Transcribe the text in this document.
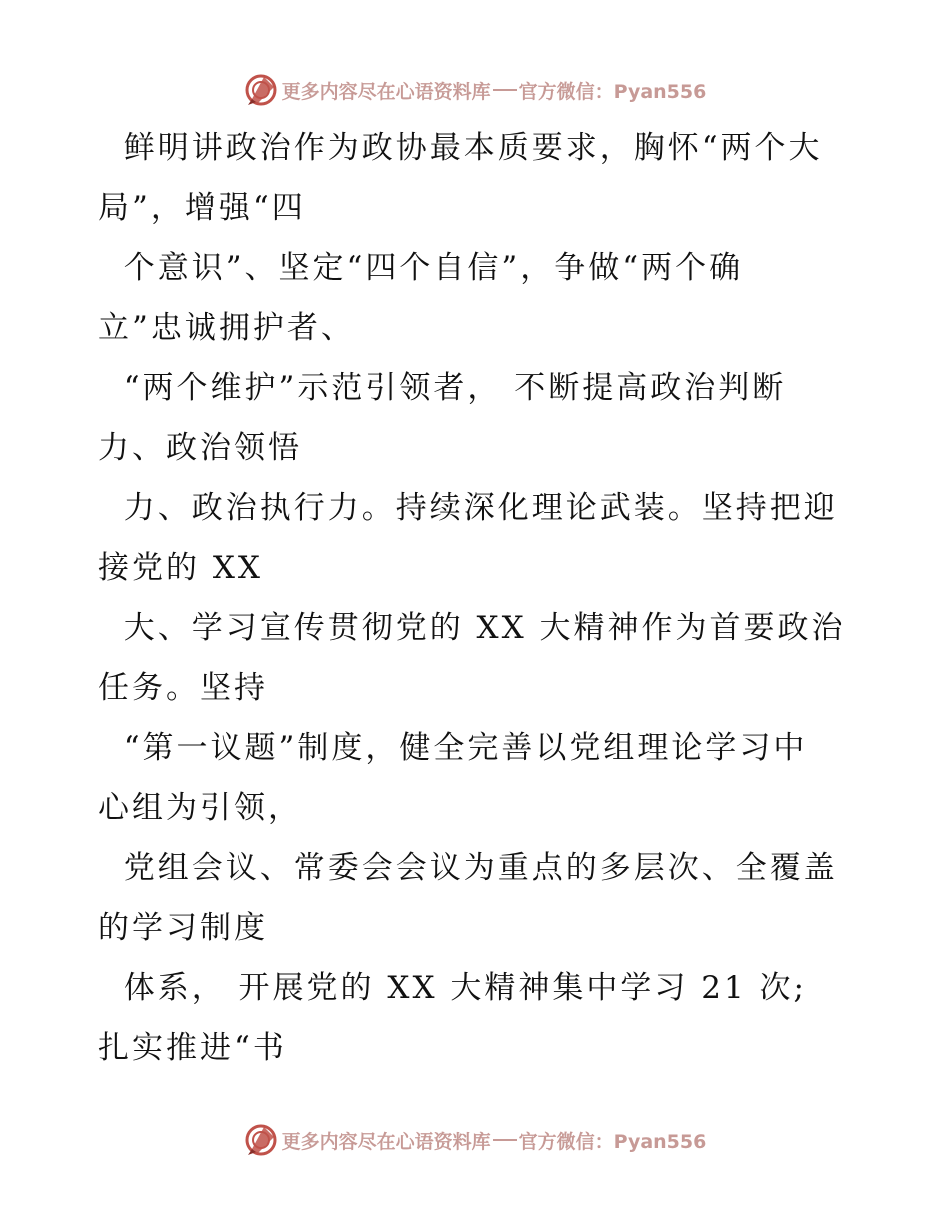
更多内容尽在心语资料库 官方微信：Pyan556
鲜明讲政治作为政协最本质要求，胸怀“两个大
局”，增强“四
个意识”、坚定“四个自信”，争做“两个确
立”忠诚拥护者、
“两个维护”示范引领者， 不断提高政治判断
力、政治领悟
力、政治执行力。持续深化理论武装。坚持把迎
接党的 XX
大、学习宣传贯彻党的 XX 大精神作为首要政治
任务。坚持
“第一议题”制度，健全完善以党组理论学习中
心组为引领，
党组会议、常委会会议为重点的多层次、全覆盖
的学习制度
体系， 开展党的 XX 大精神集中学习 21 次;
扎实推进“书
更多内容尽在心语资料库 官方微信：Pyan556
